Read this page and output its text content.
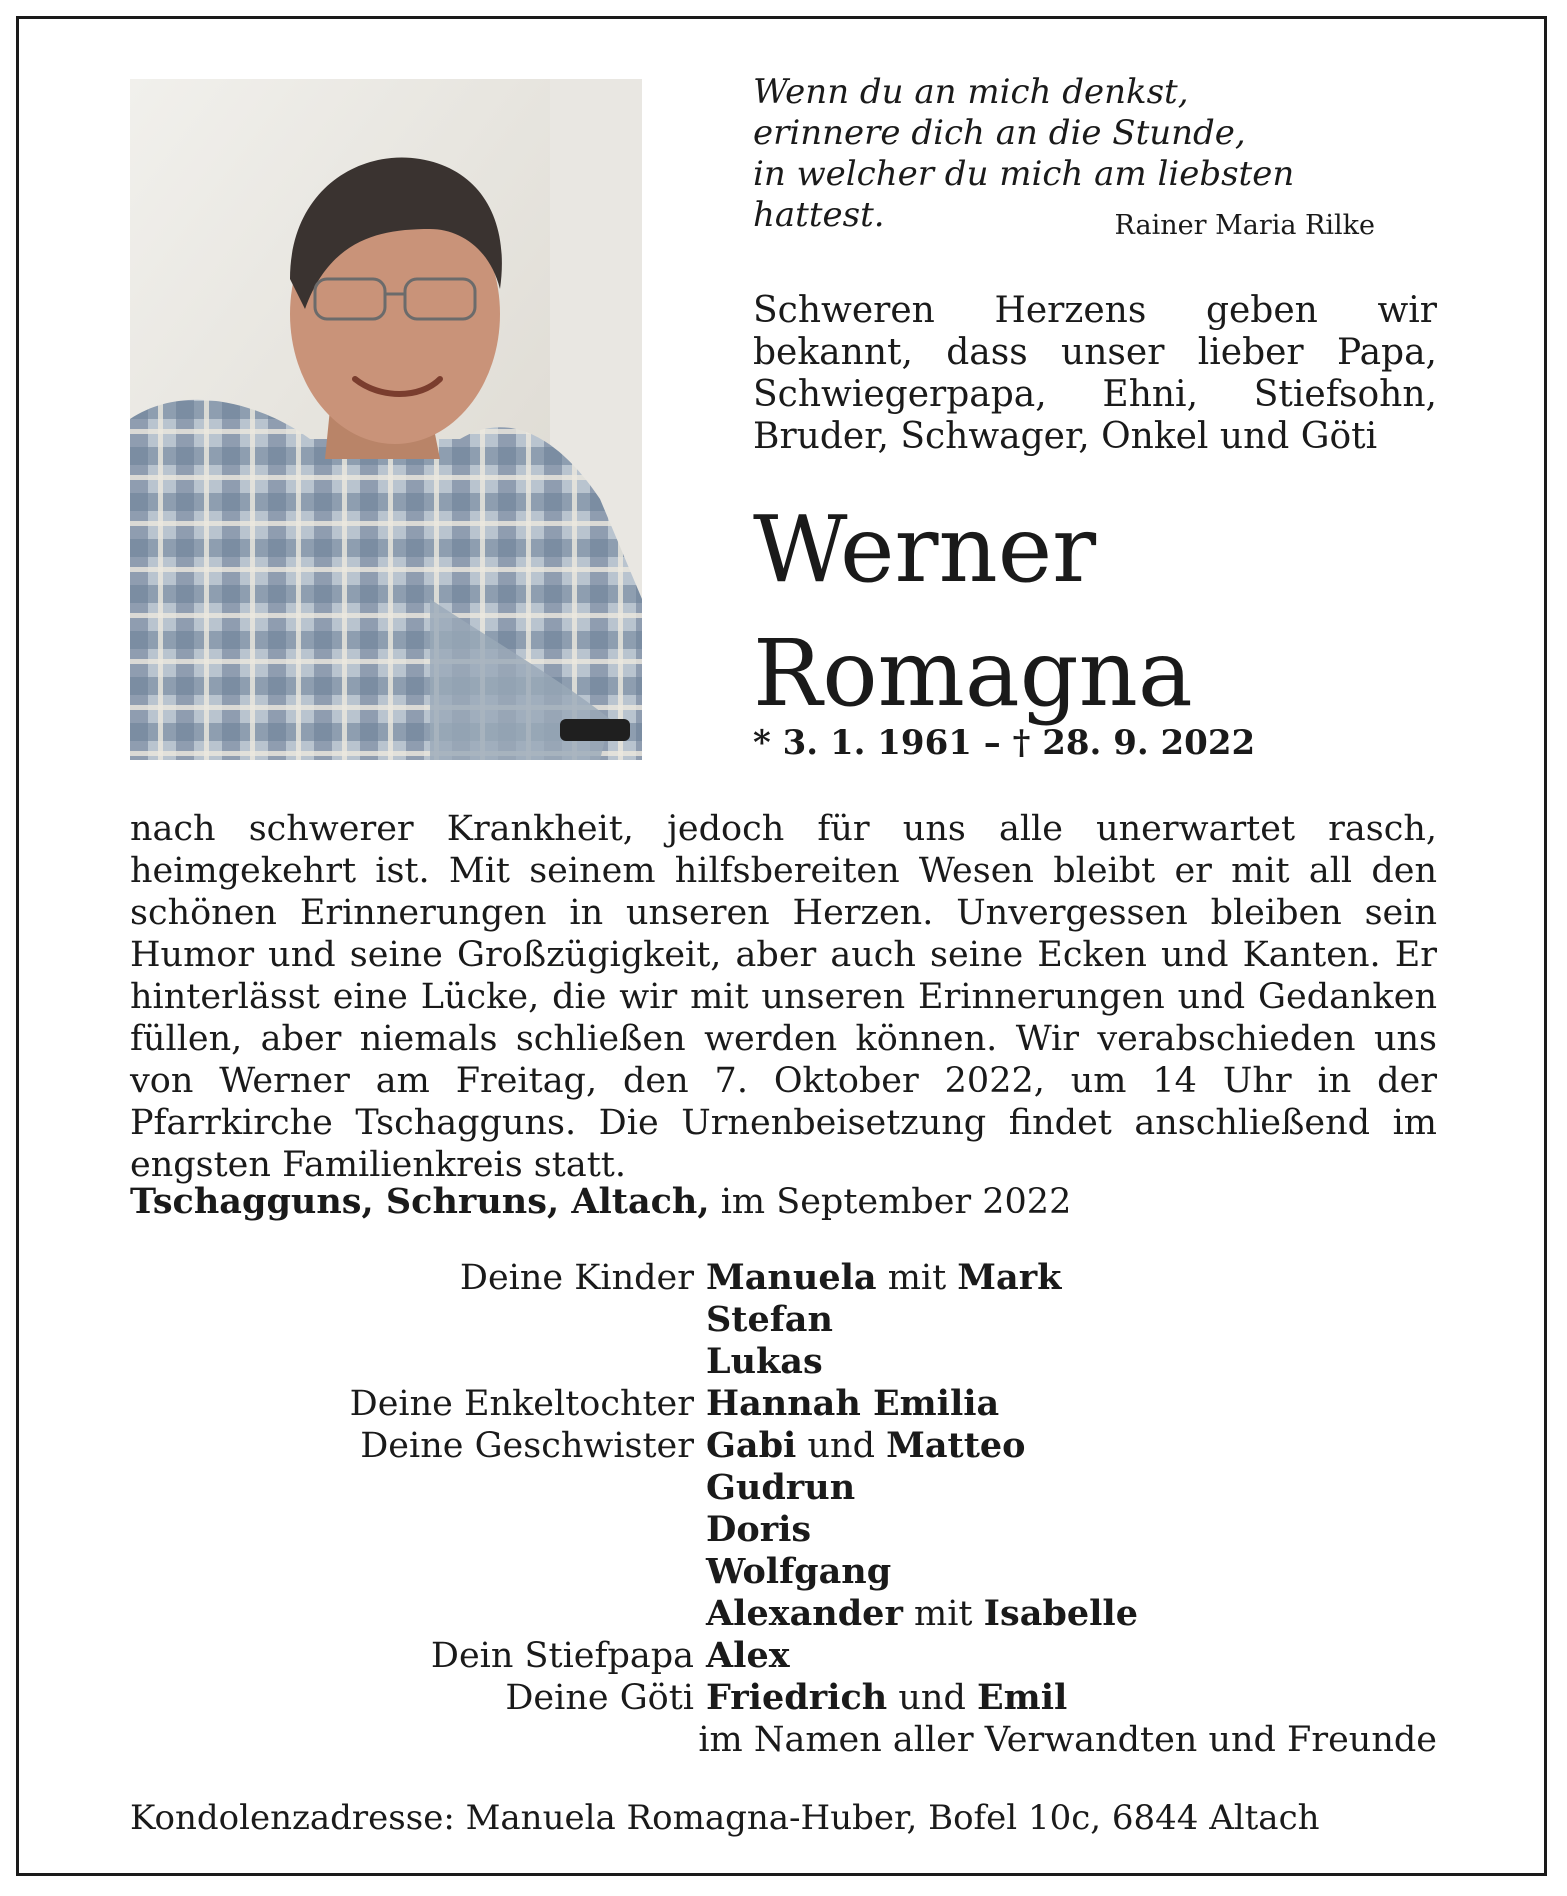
Wenn du an mich denkst,
erinnere dich an die Stunde,
in welcher du mich am liebsten hattest.	Rainer Maria Rilke
Schweren Herzens geben wir bekannt, dass unser lieber Papa, Schwiegerpapa, Ehni, Stiefsohn, Bruder, Schwager, Onkel und Göti
Werner
Romagna
* 3. 1. 1961 – † 28. 9. 2022
nach schwerer Krankheit, jedoch für uns alle unerwartet rasch, heimgekehrt ist. Mit seinem hilfsbereiten Wesen bleibt er mit all den schönen Erinnerungen in unseren Herzen. Unvergessen bleiben sein Humor und seine Großzügigkeit, aber auch seine Ecken und Kanten. Er hinterlässt eine Lücke, die wir mit unseren Erinnerungen und Gedanken füllen, aber niemals schließen werden können. Wir verabschieden uns von Werner am Freitag, den 7. Oktober 2022, um 14 Uhr in der Pfarrkirche Tschagguns. Die Urnenbeisetzung findet anschließend im engsten Familienkreis statt.
Tschagguns, Schruns, Altach, im September 2022
Deine Kinder Manuela mit Mark
Stefan
Lukas
Deine Enkeltochter Hannah Emilia
Deine Geschwister Gabi und Matteo
Gudrun
Doris
Wolfgang
Alexander mit Isabelle
Dein Stiefpapa Alex
Deine Göti Friedrich und Emil
im Namen aller Verwandten und Freunde
Kondolenzadresse: Manuela Romagna-Huber, Bofel 10c, 6844 Altach
